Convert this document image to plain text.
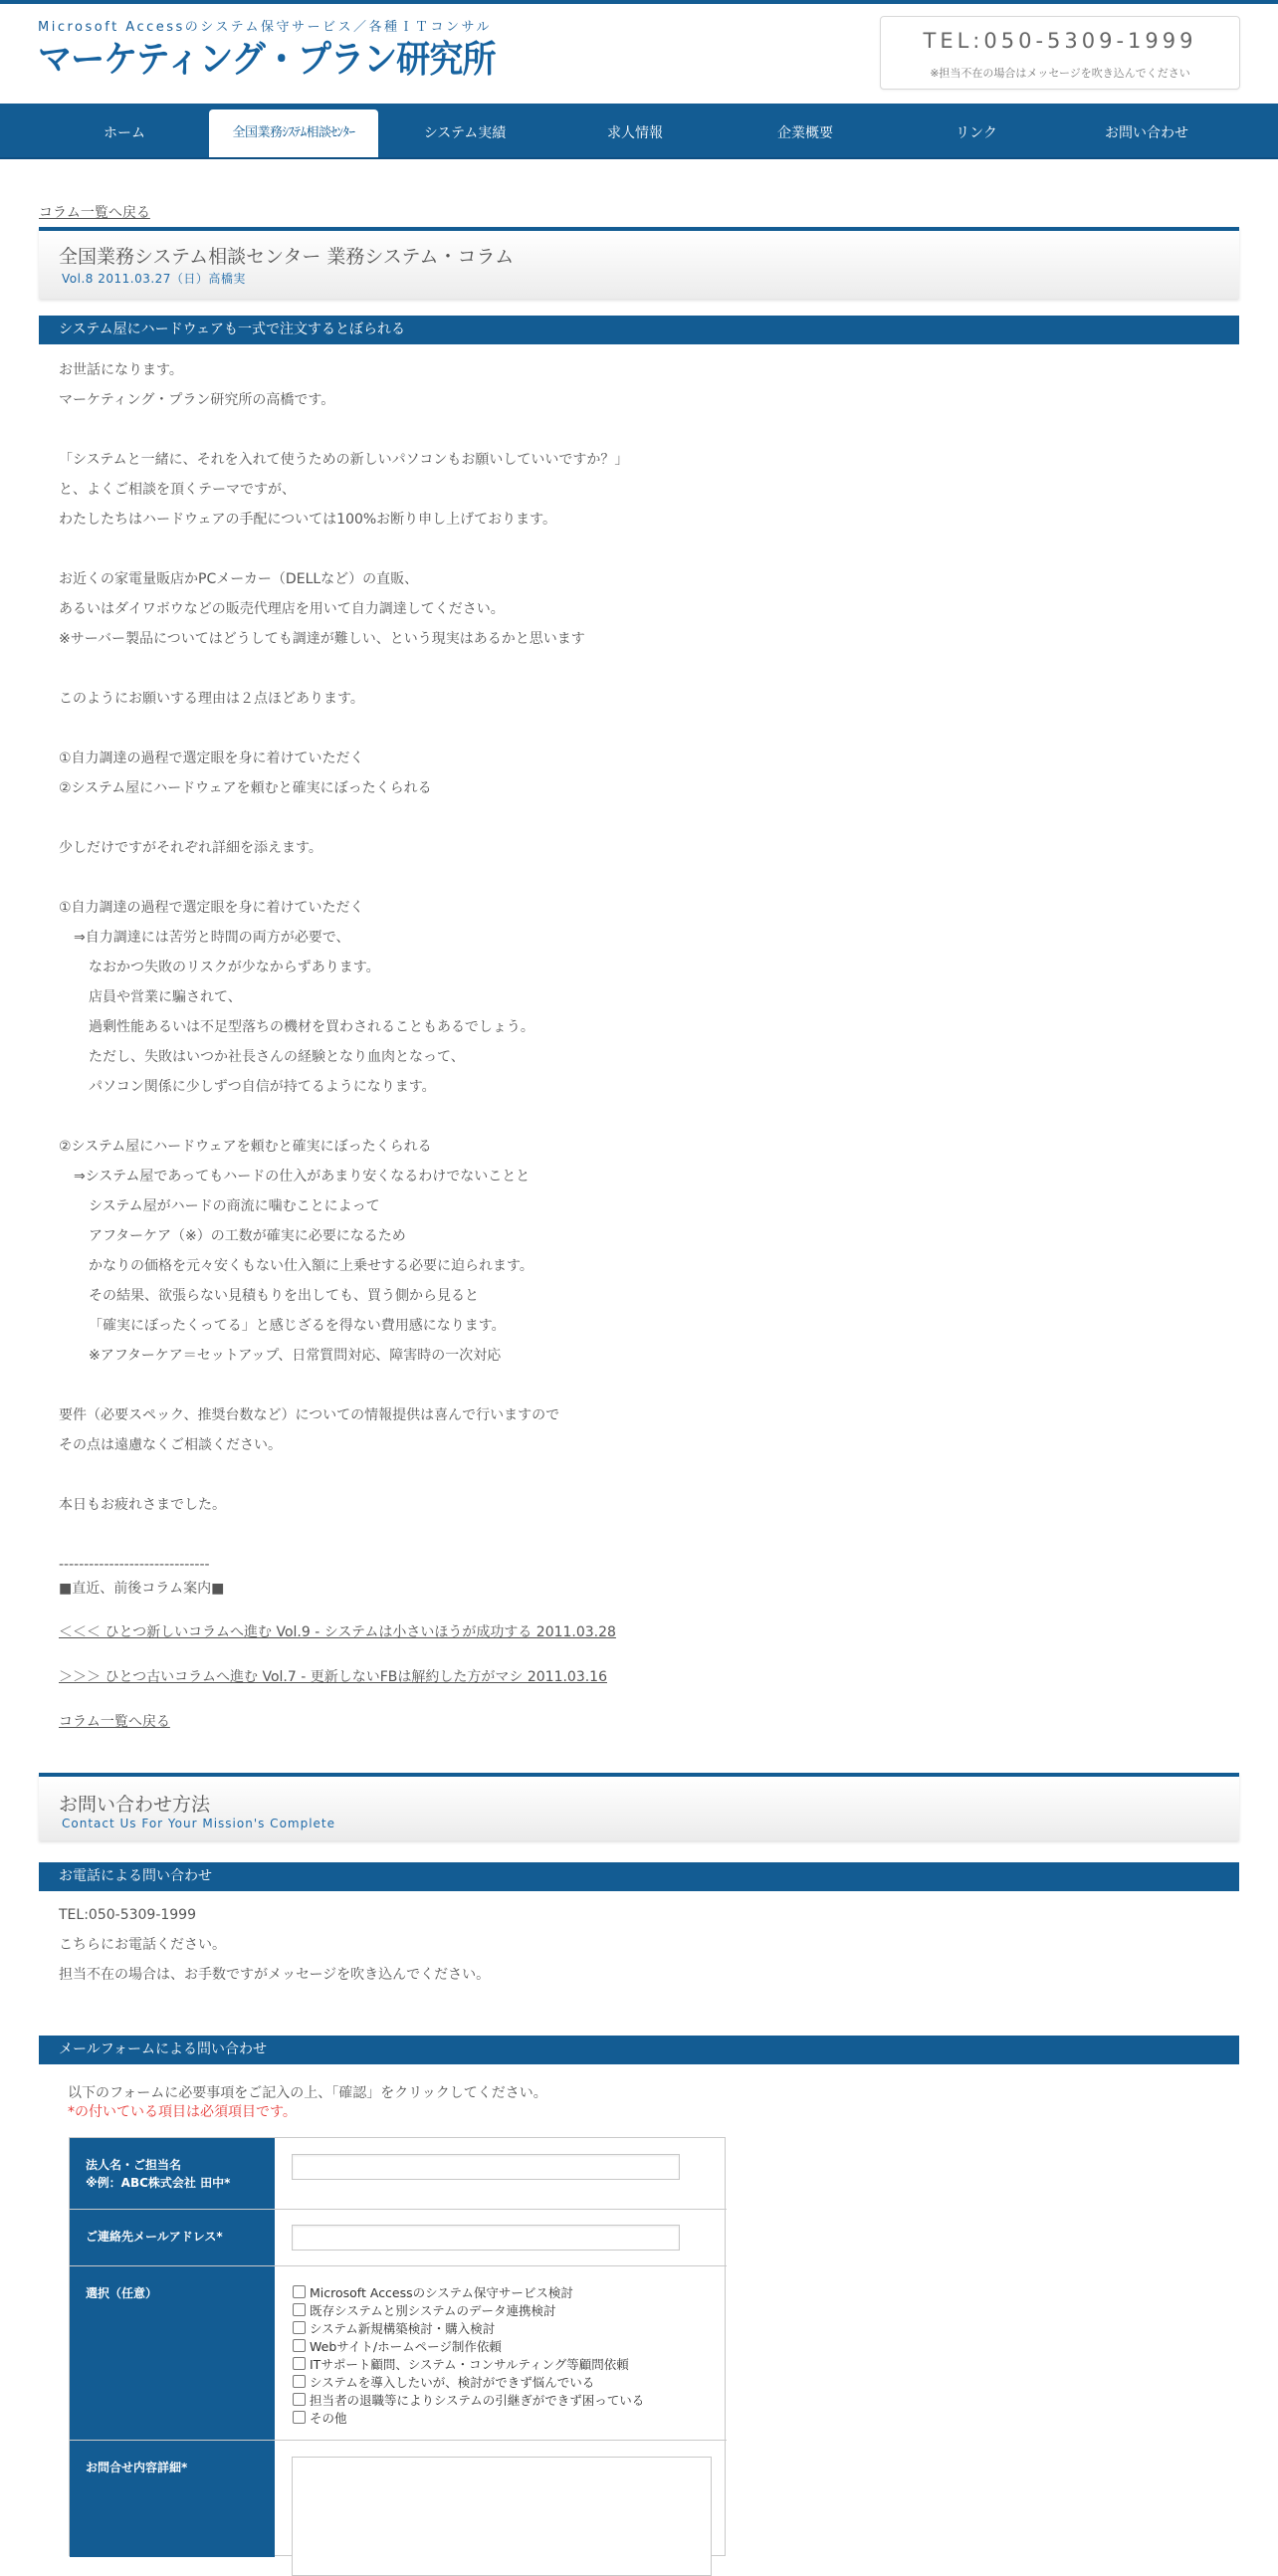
Microsoft Accessのシステム保守サービス／各種ＩＴコンサル
マーケティング・プラン研究所	TEL:050-5309-1999
※担当不在の場合はメッセージを吹き込んでください
ホーム	全国業務ｼｽﾃﾑ相談ｾﾝﾀｰ	システム実績	求人情報	企業概要	リンク	お問い合わせ
コラム一覧へ戻る
全国業務システム相談センター 業務システム・コラム
Vol.8 2011.03.27（日）高橋実
システム屋にハードウェアも一式で注文するとぼられる
お世話になります。
マーケティング・プラン研究所の高橋です。
「システムと一緒に、それを入れて使うための新しいパソコンもお願いしていいですか？」
と、よくご相談を頂くテーマですが、
わたしたちはハードウェアの手配については100%お断り申し上げております。
お近くの家電量販店かPCメーカー（DELLなど）の直販、
あるいはダイワボウなどの販売代理店を用いて自力調達してください。
※サーバー製品についてはどうしても調達が難しい、という現実はあるかと思います
このようにお願いする理由は２点ほどあります。
①自力調達の過程で選定眼を身に着けていただく
②システム屋にハードウェアを頼むと確実にぼったくられる
少しだけですがそれぞれ詳細を添えます。
①自力調達の過程で選定眼を身に着けていただく
⇒自力調達には苦労と時間の両方が必要で、
なおかつ失敗のリスクが少なからずあります。
店員や営業に騙されて、
過剰性能あるいは不足型落ちの機材を買わされることもあるでしょう。
ただし、失敗はいつか社長さんの経験となり血肉となって、
パソコン関係に少しずつ自信が持てるようになります。
②システム屋にハードウェアを頼むと確実にぼったくられる
⇒システム屋であってもハードの仕入があまり安くなるわけでないことと
システム屋がハードの商流に噛むことによって
アフターケア（※）の工数が確実に必要になるため
かなりの価格を元々安くもない仕入額に上乗せする必要に迫られます。
その結果、欲張らない見積もりを出しても、買う側から見ると
「確実にぼったくってる」と感じざるを得ない費用感になります。
※アフターケア＝セットアップ、日常質問対応、障害時の一次対応
要件（必要スペック、推奨台数など）についての情報提供は喜んで行いますので
その点は遠慮なくご相談ください。
本日もお疲れさまでした。
------------------------------
■直近、前後コラム案内■
＜＜＜ ひとつ新しいコラムへ進む Vol.9 - システムは小さいほうが成功する 2011.03.28
＞＞＞ ひとつ古いコラムへ進む Vol.7 - 更新しないFBは解約した方がマシ 2011.03.16
コラム一覧へ戻る
お問い合わせ方法
Contact Us For Your Mission's Complete
お電話による問い合わせ
TEL:050-5309-1999
こちらにお電話ください。
担当不在の場合は、お手数ですがメッセージを吹き込んでください。
メールフォームによる問い合わせ
以下のフォームに必要事項をご記入の上、「確認」をクリックしてください。
*の付いている項目は必須項目です。
法人名・ご担当名
※例：ABC株式会社 田中*
ご連絡先メールアドレス*
選択（任意）	Microsoft Accessのシステム保守サービス検討
既存システムと別システムのデータ連携検討
システム新規構築検討・購入検討
Webサイト/ホームページ制作依頼
ITサポート顧問、システム・コンサルティング等顧問依頼
システムを導入したいが、検討ができず悩んでいる
担当者の退職等によりシステムの引継ぎができず困っている
その他
お問合せ内容詳細*
